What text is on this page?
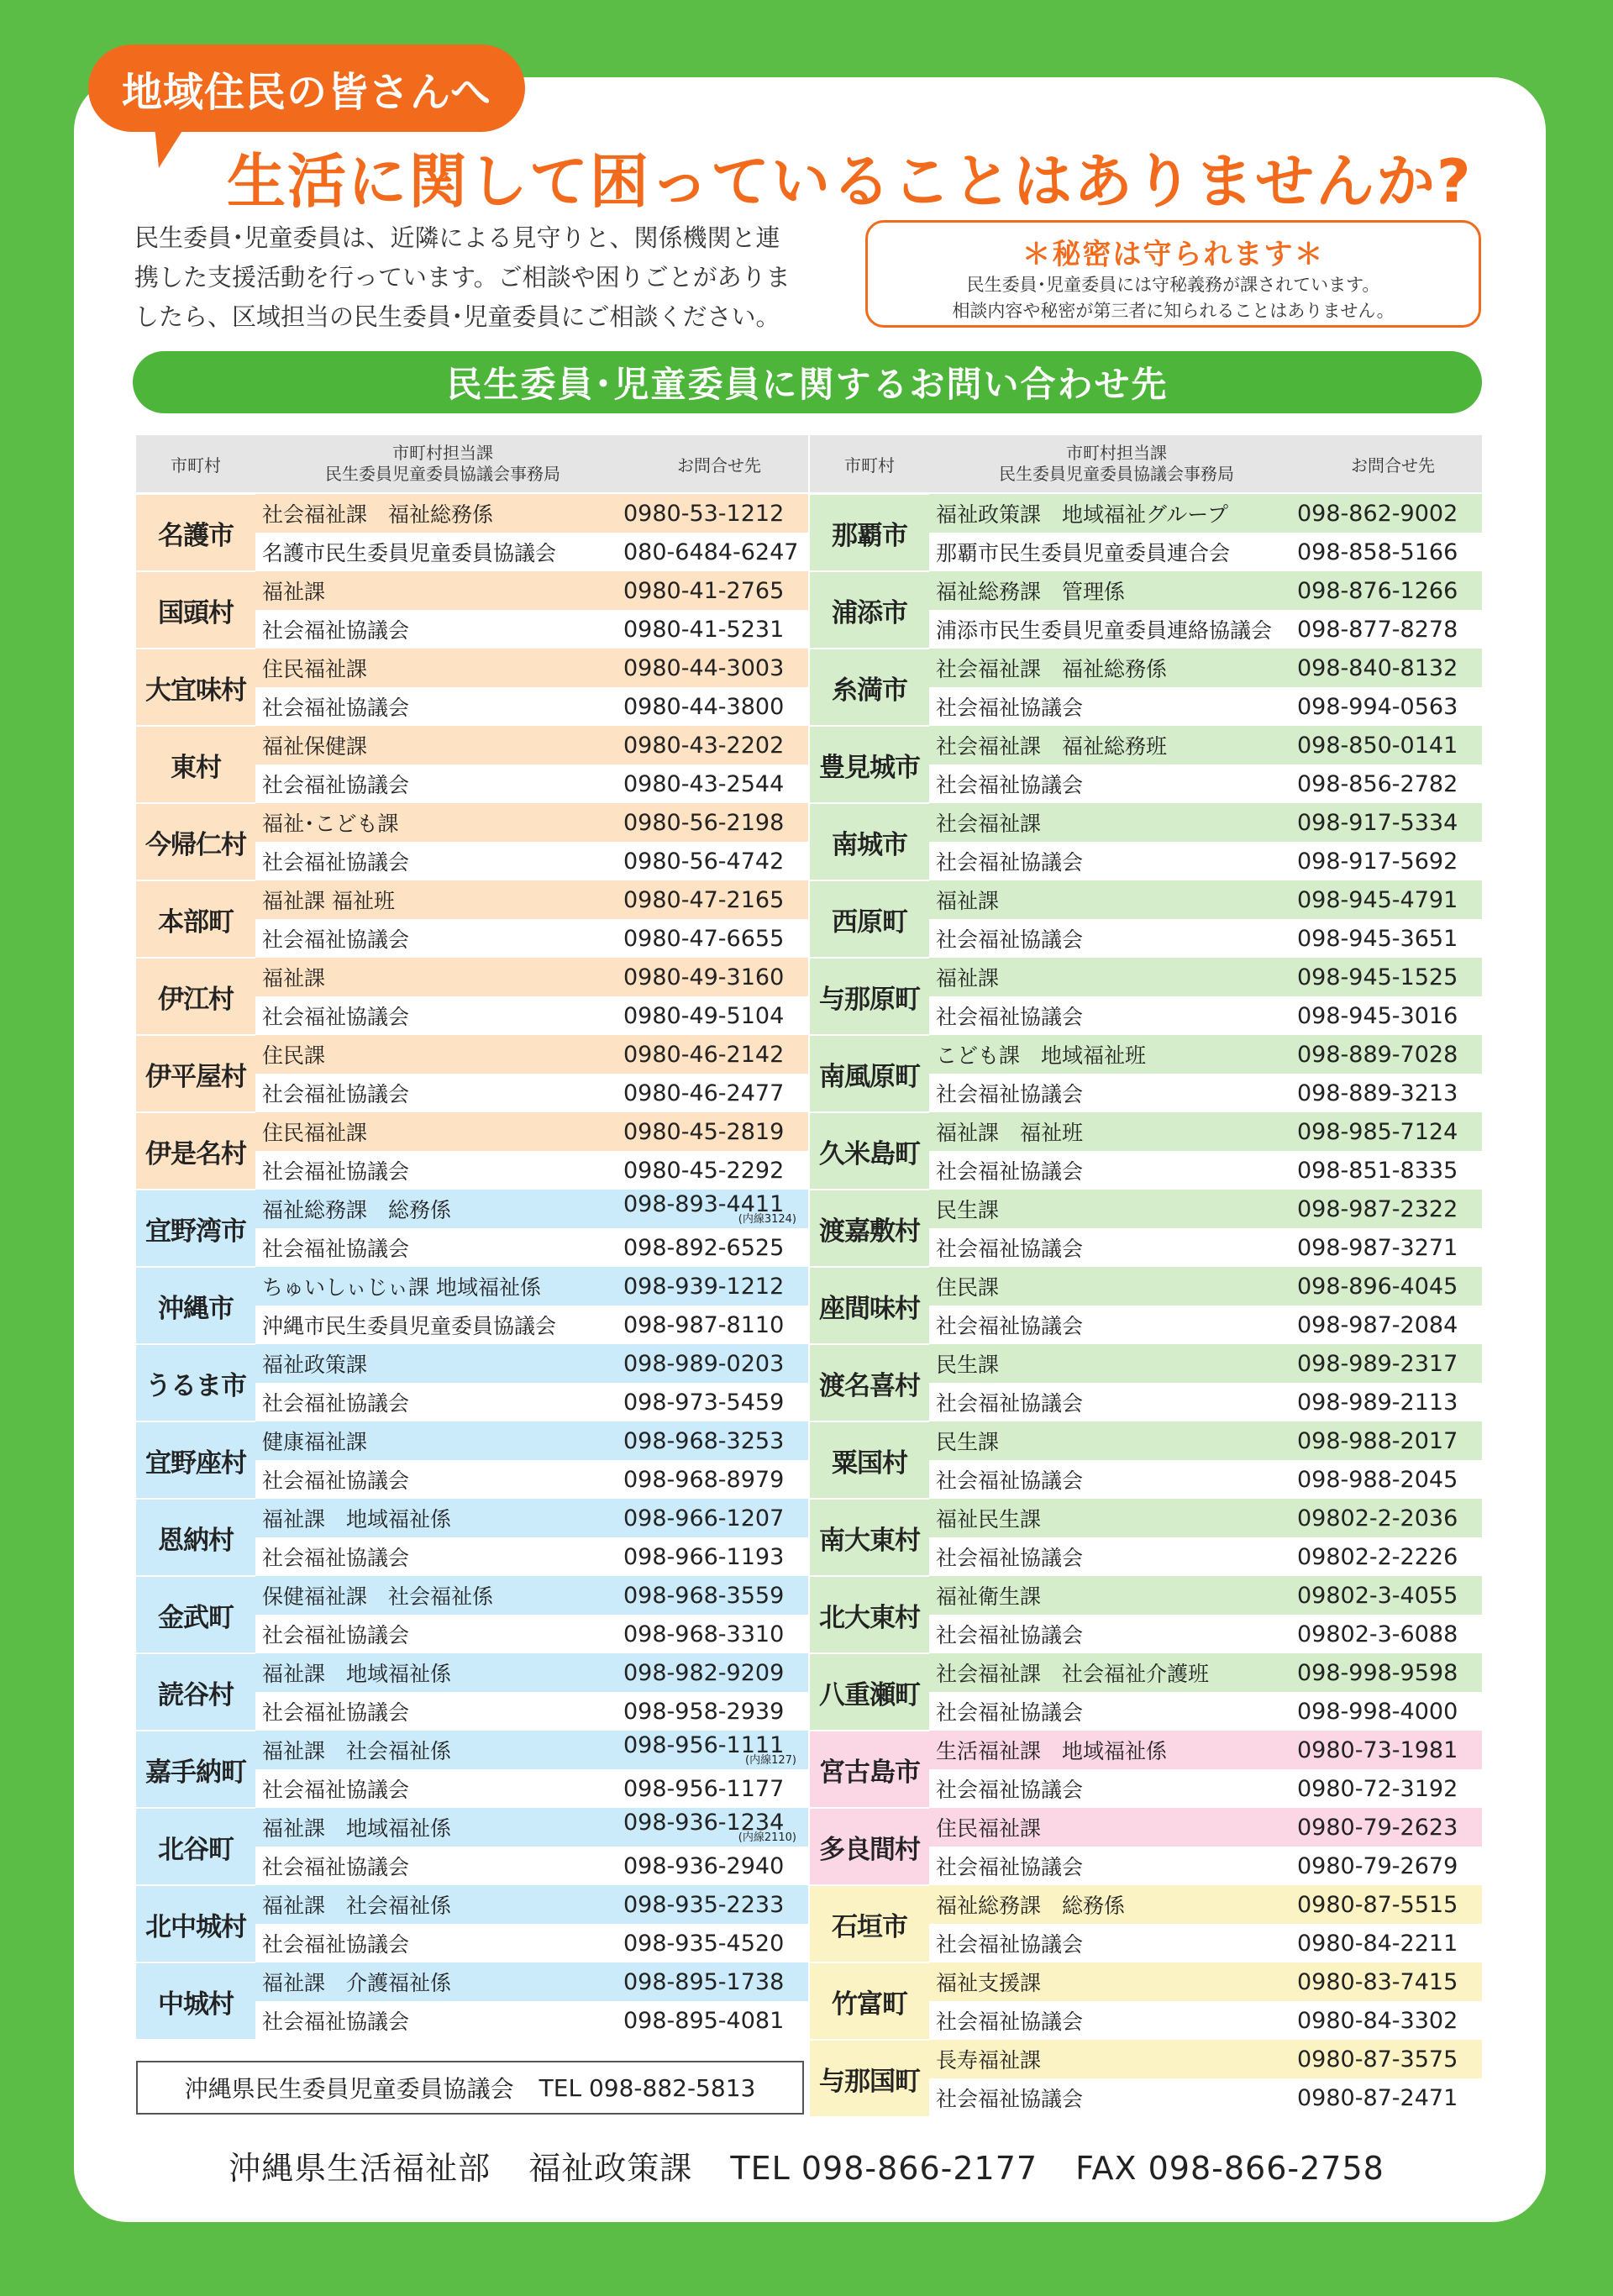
地域住民の皆さんへ
生活に関して困っていることはありませんか?
民生委員･児童委員は、近隣による見守りと、関係機関と連
携した支援活動を行っています。ご相談や困りごとがありま
したら、区域担当の民生委員･児童委員にご相談ください。
＊秘密は守られます＊
民生委員･児童委員には守秘義務が課されています。
相談内容や秘密が第三者に知られることはありません。
民生委員･児童委員に関するお問い合わせ先
市町村
市町村担当課
民生委員児童委員協議会事務局	お問合せ先
名護市
社会福祉課　福祉総務係	0980-53-1212
名護市民生委員児童委員協議会	080-6484-6247
国頭村
福祉課	0980-41-2765
社会福祉協議会	0980-41-5231
大宜味村
住民福祉課	0980-44-3003
社会福祉協議会	0980-44-3800
東村
福祉保健課	0980-43-2202
社会福祉協議会	0980-43-2544
今帰仁村
福祉･こども課	0980-56-2198
社会福祉協議会	0980-56-4742
本部町
福祉課 福祉班	0980-47-2165
社会福祉協議会	0980-47-6655
伊江村
福祉課	0980-49-3160
社会福祉協議会	0980-49-5104
伊平屋村
住民課	0980-46-2142
社会福祉協議会	0980-46-2477
伊是名村
住民福祉課	0980-45-2819
社会福祉協議会	0980-45-2292
宜野湾市
福祉総務課　総務係	098-893-4411
(内線3124)
社会福祉協議会	098-892-6525
沖縄市
ちゅいしぃじぃ課 地域福祉係	098-939-1212
沖縄市民生委員児童委員協議会	098-987-8110
うるま市
福祉政策課	098-989-0203
社会福祉協議会	098-973-5459
宜野座村
健康福祉課	098-968-3253
社会福祉協議会	098-968-8979
恩納村
福祉課　地域福祉係	098-966-1207
社会福祉協議会	098-966-1193
金武町
保健福祉課　社会福祉係	098-968-3559
社会福祉協議会	098-968-3310
読谷村
福祉課　地域福祉係	098-982-9209
社会福祉協議会	098-958-2939
嘉手納町
福祉課　社会福祉係	098-956-1111
(内線127)
社会福祉協議会	098-956-1177
北谷町
福祉課　地域福祉係	098-936-1234
(内線2110)
社会福祉協議会	098-936-2940
北中城村
福祉課　社会福祉係	098-935-2233
社会福祉協議会	098-935-4520
中城村
福祉課　介護福祉係	098-895-1738
社会福祉協議会	098-895-4081
市町村
市町村担当課
民生委員児童委員協議会事務局	お問合せ先
那覇市
福祉政策課　地域福祉グループ	098-862-9002
那覇市民生委員児童委員連合会	098-858-5166
浦添市
福祉総務課　管理係	098-876-1266
浦添市民生委員児童委員連絡協議会	098-877-8278
糸満市
社会福祉課　福祉総務係	098-840-8132
社会福祉協議会	098-994-0563
豊見城市
社会福祉課　福祉総務班	098-850-0141
社会福祉協議会	098-856-2782
南城市
社会福祉課	098-917-5334
社会福祉協議会	098-917-5692
西原町
福祉課	098-945-4791
社会福祉協議会	098-945-3651
与那原町
福祉課	098-945-1525
社会福祉協議会	098-945-3016
南風原町
こども課　地域福祉班	098-889-7028
社会福祉協議会	098-889-3213
久米島町
福祉課　福祉班	098-985-7124
社会福祉協議会	098-851-8335
渡嘉敷村
民生課	098-987-2322
社会福祉協議会	098-987-3271
座間味村
住民課	098-896-4045
社会福祉協議会	098-987-2084
渡名喜村
民生課	098-989-2317
社会福祉協議会	098-989-2113
粟国村
民生課	098-988-2017
社会福祉協議会	098-988-2045
南大東村
福祉民生課	09802-2-2036
社会福祉協議会	09802-2-2226
北大東村
福祉衛生課	09802-3-4055
社会福祉協議会	09802-3-6088
八重瀬町
社会福祉課　社会福祉介護班	098-998-9598
社会福祉協議会	098-998-4000
宮古島市
生活福祉課　地域福祉係	0980-73-1981
社会福祉協議会	0980-72-3192
多良間村
住民福祉課	0980-79-2623
社会福祉協議会	0980-79-2679
石垣市
福祉総務課　総務係	0980-87-5515
社会福祉協議会	0980-84-2211
竹富町
福祉支援課	0980-83-7415
社会福祉協議会	0980-84-3302
与那国町
長寿福祉課	0980-87-3575
社会福祉協議会	0980-87-2471
沖縄県民生委員児童委員協議会 TEL 098-882-5813
沖縄県生活福祉部 福祉政策課 TEL 098-866-2177 FAX 098-866-2758
